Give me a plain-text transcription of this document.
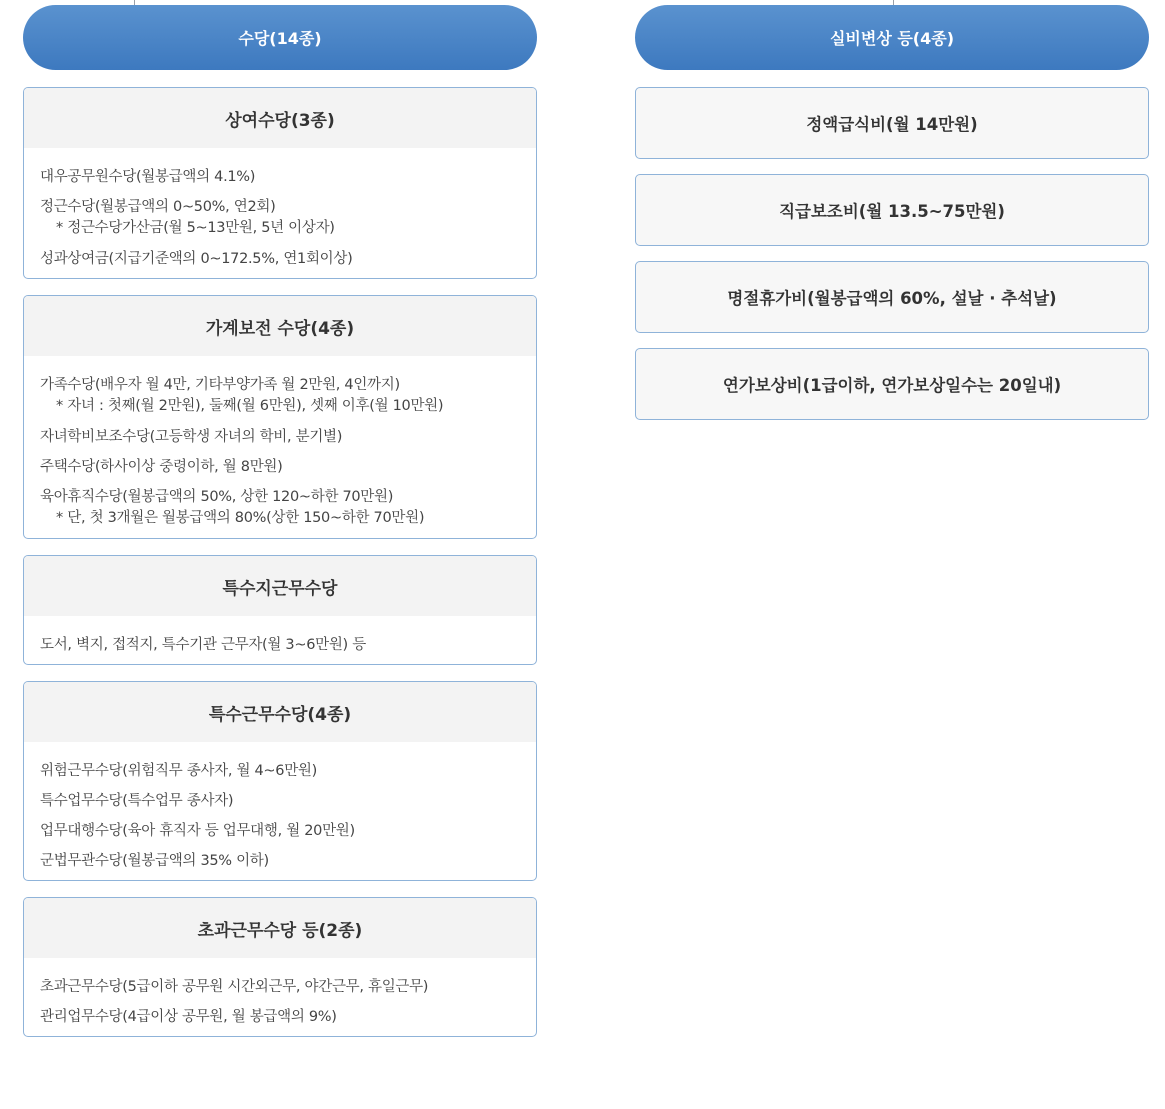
수당(14종)
상여수당(3종)
대우공무원수당(월봉급액의 4.1%)
정근수당(월봉급액의 0~50%, 연2회)
* 정근수당가산금(월 5~13만원, 5년 이상자)
성과상여금(지급기준액의 0~172.5%, 연1회이상)
가계보전 수당(4종)
가족수당(배우자 월 4만, 기타부양가족 월 2만원, 4인까지)
* 자녀 : 첫째(월 2만원), 둘째(월 6만원), 셋째 이후(월 10만원)
자녀학비보조수당(고등학생 자녀의 학비, 분기별)
주택수당(하사이상 중령이하, 월 8만원)
육아휴직수당(월봉급액의 50%, 상한 120~하한 70만원)
* 단, 첫 3개월은 월봉급액의 80%(상한 150~하한 70만원)
특수지근무수당
도서, 벽지, 접적지, 특수기관 근무자(월 3~6만원) 등
특수근무수당(4종)
위험근무수당(위험직무 종사자, 월 4~6만원)
특수업무수당(특수업무 종사자)
업무대행수당(육아 휴직자 등 업무대행, 월 20만원)
군법무관수당(월봉급액의 35% 이하)
초과근무수당 등(2종)
초과근무수당(5급이하 공무원 시간외근무, 야간근무, 휴일근무)
관리업무수당(4급이상 공무원, 월 봉급액의 9%)
실비변상 등(4종)
정액급식비(월 14만원)
직급보조비(월 13.5~75만원)
명절휴가비(월봉급액의 60%, 설날 · 추석날)
연가보상비(1급이하, 연가보상일수는 20일내)
